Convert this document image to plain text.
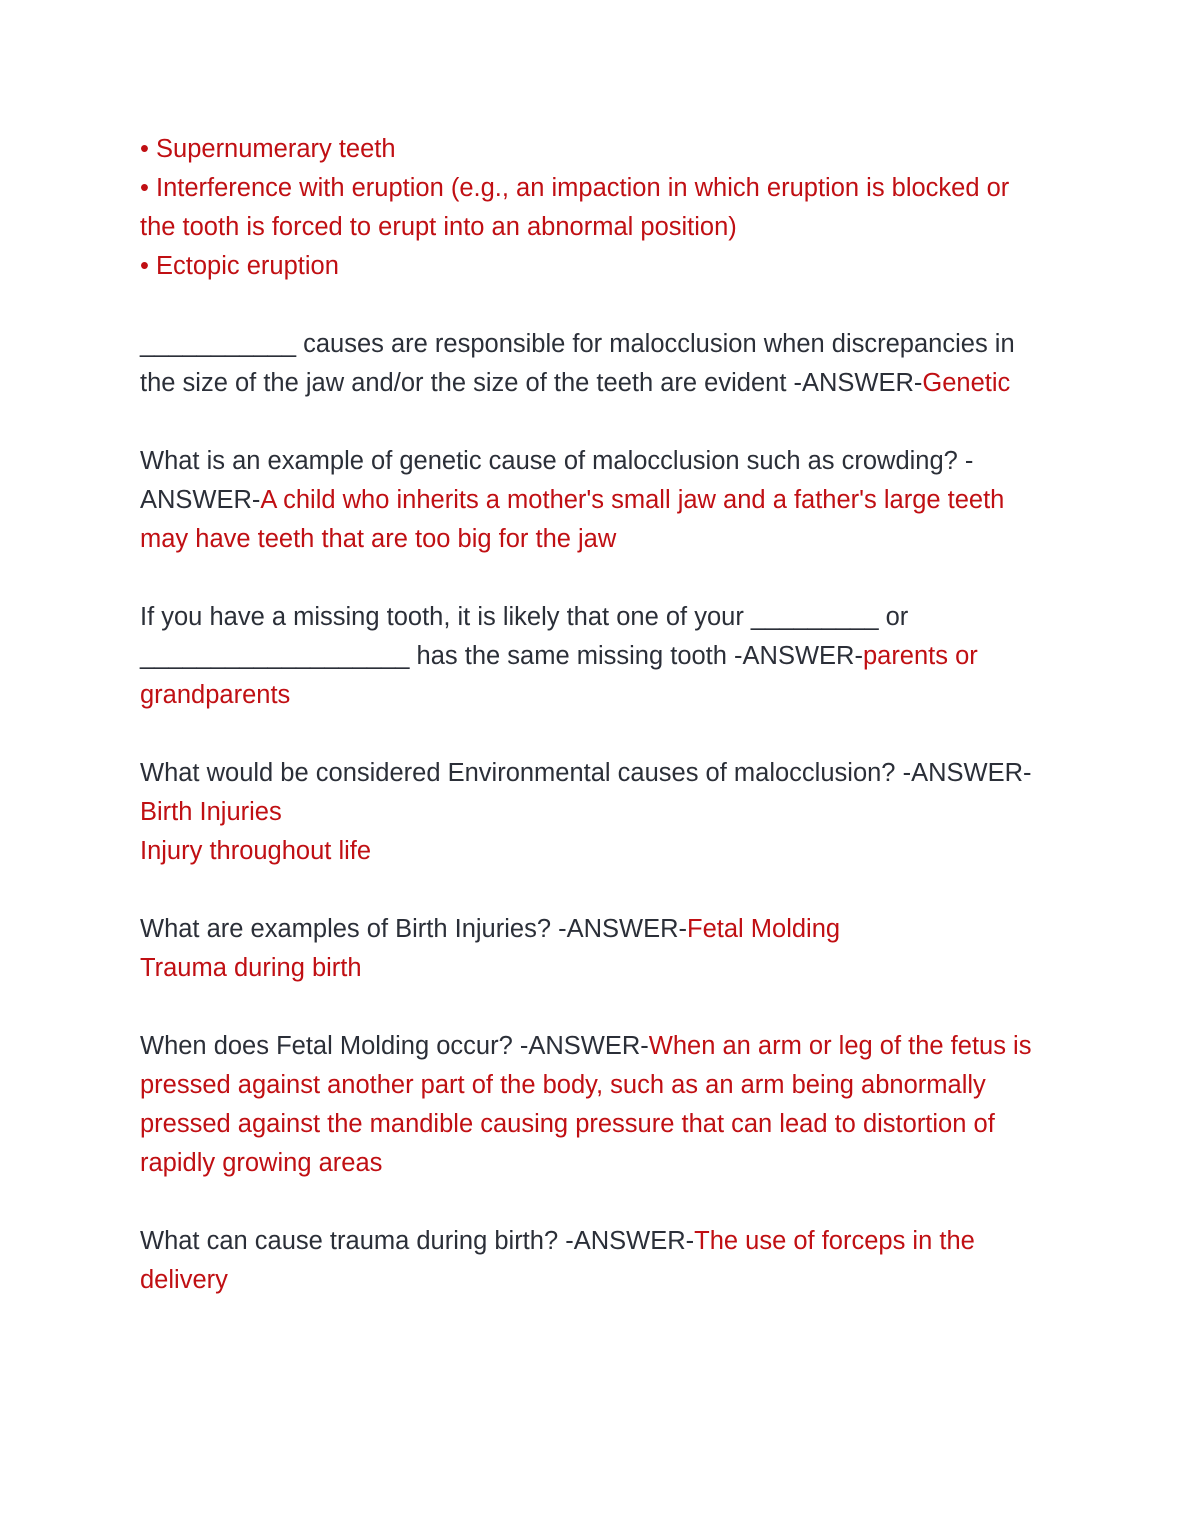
• Supernumerary teeth
• Interference with eruption (e.g., an impaction in which eruption is blocked or the tooth is forced to erupt into an abnormal position)
• Ectopic eruption

___________ causes are responsible for malocclusion when discrepancies in the size of the jaw and/or the size of the teeth are evident -ANSWER-Genetic

What is an example of genetic cause of malocclusion such as crowding? -ANSWER-A child who inherits a mother's small jaw and a father's large teeth may have teeth that are too big for the jaw

If you have a missing tooth, it is likely that one of your _________ or ___________________ has the same missing tooth -ANSWER-parents or grandparents

What would be considered Environmental causes of malocclusion? -ANSWER-Birth Injuries
Injury throughout life

What are examples of Birth Injuries? -ANSWER-Fetal Molding
Trauma during birth

When does Fetal Molding occur? -ANSWER-When an arm or leg of the fetus is pressed against another part of the body, such as an arm being abnormally pressed against the mandible causing pressure that can lead to distortion of rapidly growing areas

What can cause trauma during birth? -ANSWER-The use of forceps in the delivery
